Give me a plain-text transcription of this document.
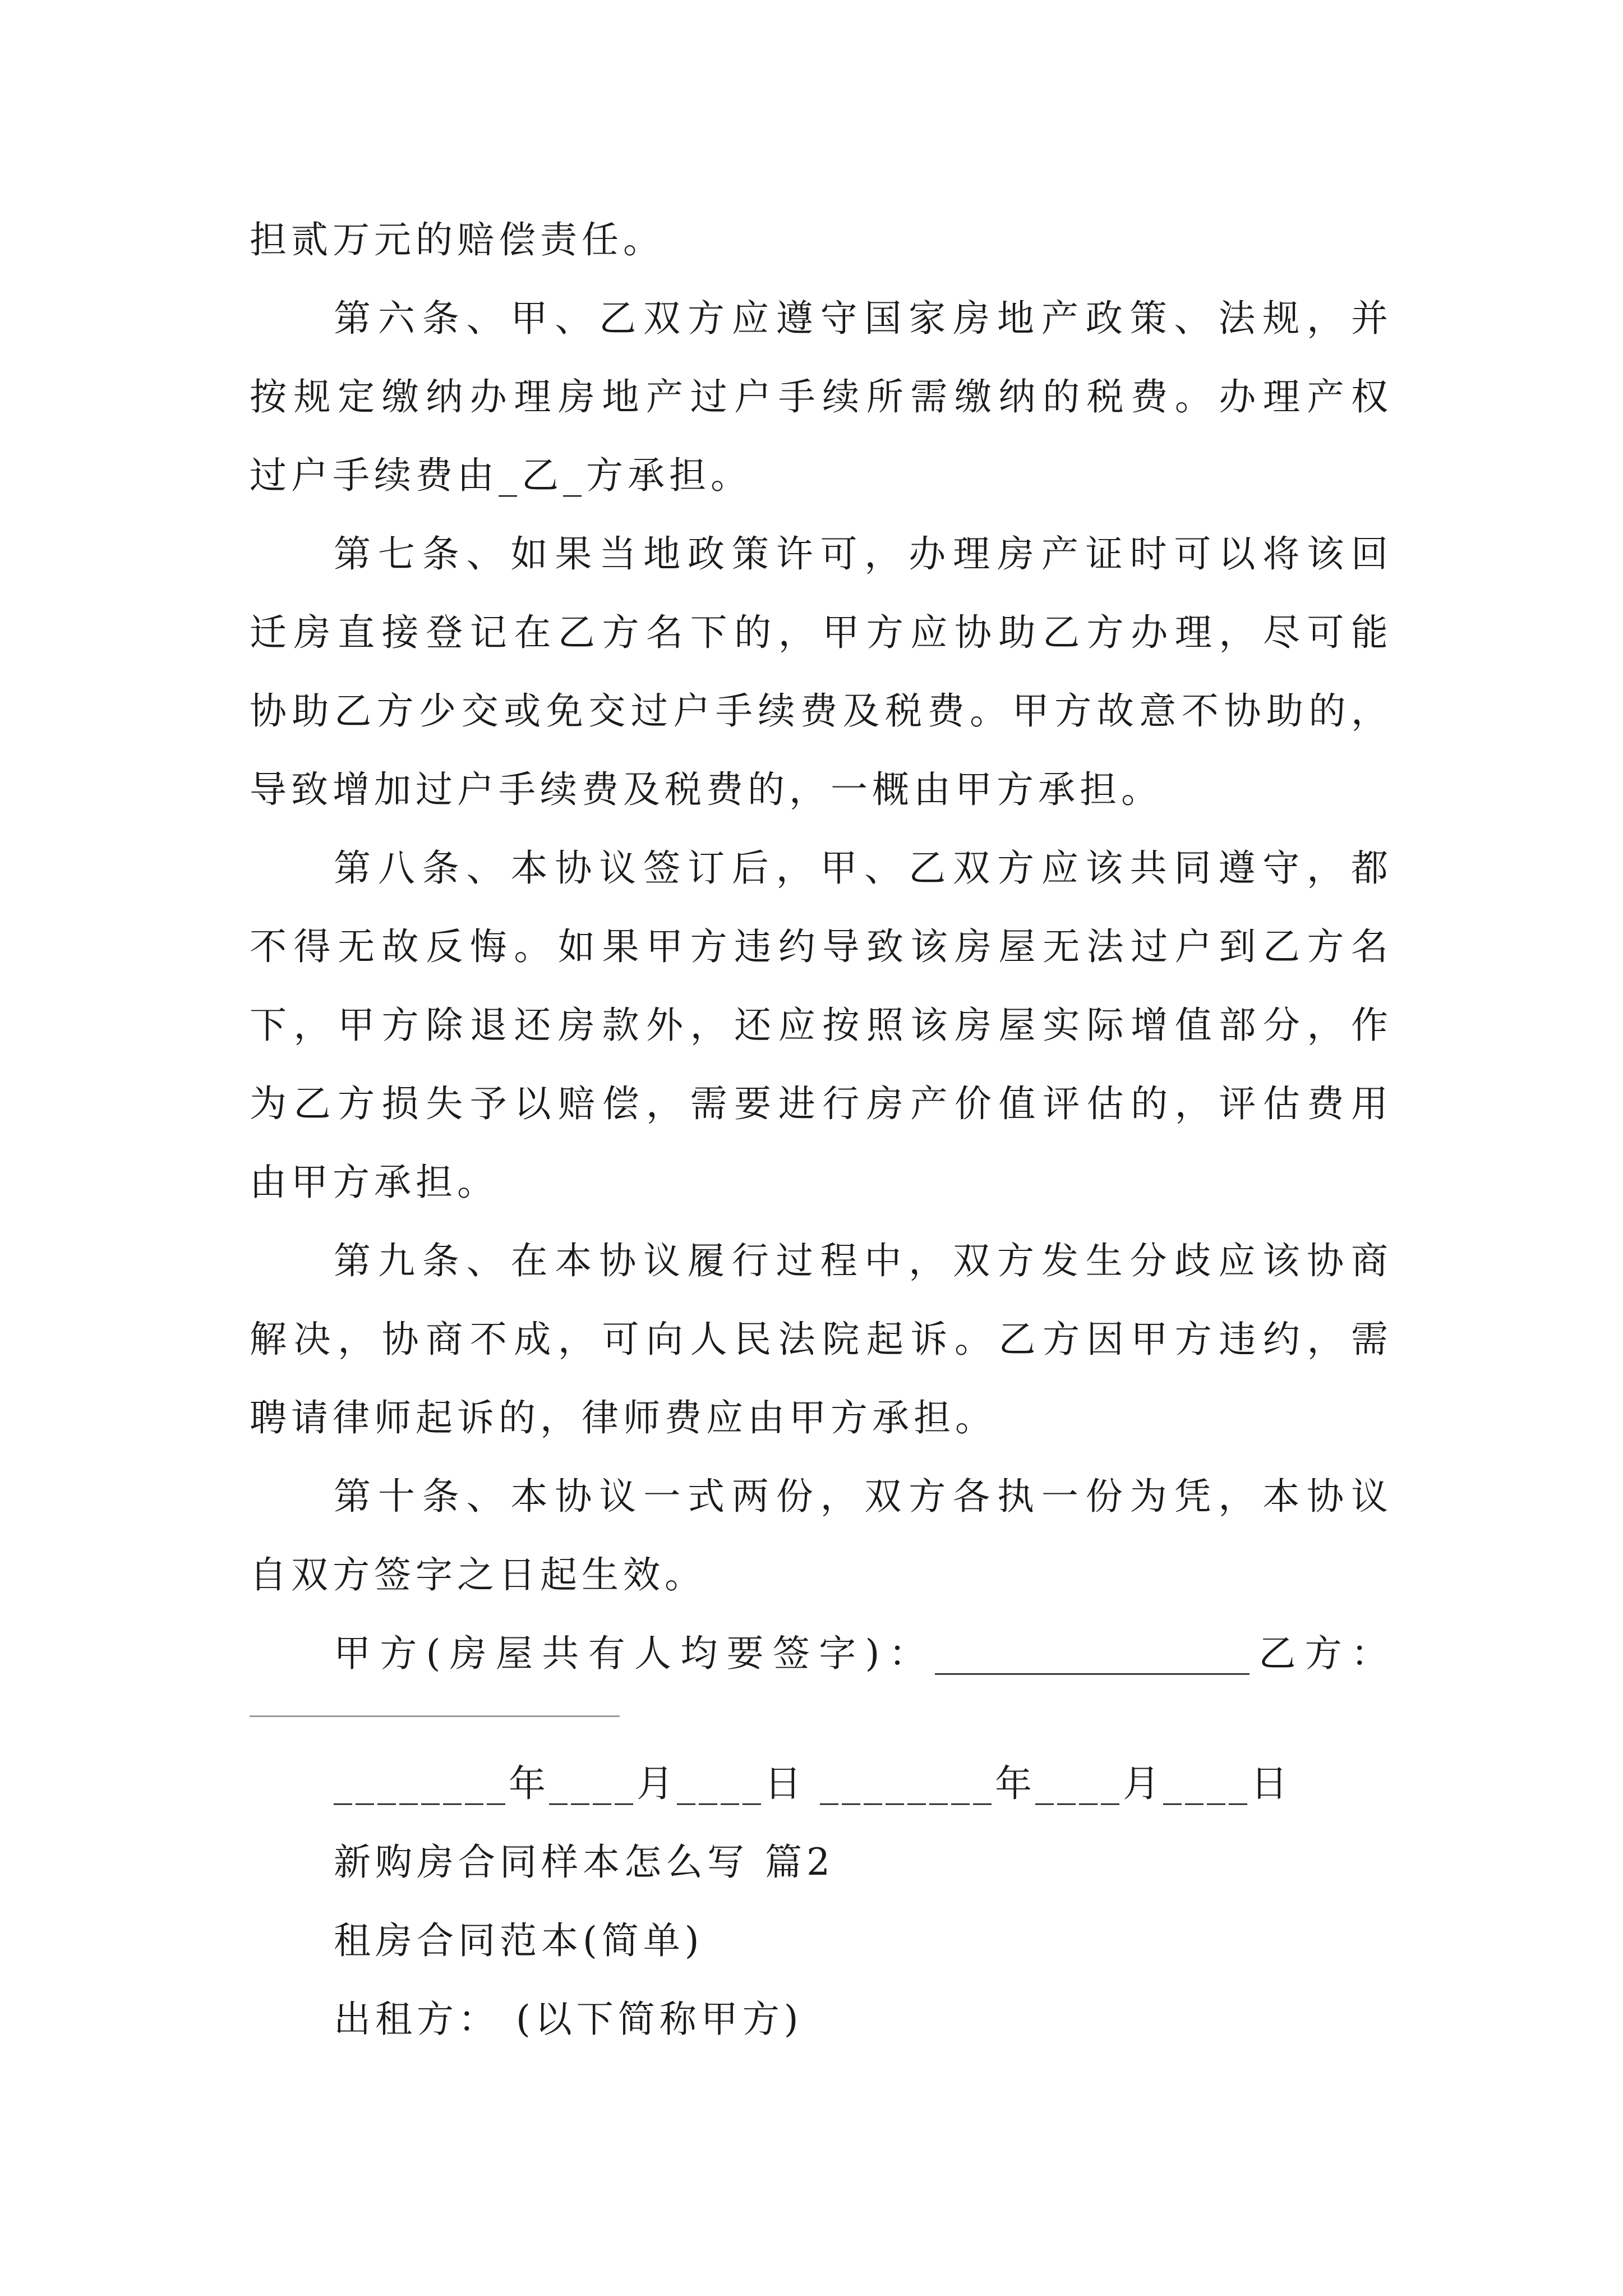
担贰万元的赔偿责任。
第六条、甲、乙双方应遵守国家房地产政策、法规，并
按规定缴纳办理房地产过户手续所需缴纳的税费。办理产权
过户手续费由_乙_方承担。
第七条、如果当地政策许可，办理房产证时可以将该回
迁房直接登记在乙方名下的，甲方应协助乙方办理，尽可能
协助乙方少交或免交过户手续费及税费。甲方故意不协助的，
导致增加过户手续费及税费的，一概由甲方承担。
第八条、本协议签订后，甲、乙双方应该共同遵守，都
不得无故反悔。如果甲方违约导致该房屋无法过户到乙方名
下，甲方除退还房款外，还应按照该房屋实际增值部分，作
为乙方损失予以赔偿，需要进行房产价值评估的，评估费用
由甲方承担。
第九条、在本协议履行过程中，双方发生分歧应该协商
解决，协商不成，可向人民法院起诉。乙方因甲方违约，需
聘请律师起诉的，律师费应由甲方承担。
第十条、本协议一式两份，双方各执一份为凭，本协议
自双方签字之日起生效。
甲方(房屋共有人均要签字)：_________________乙方：
________年____月____日 ________年____月____日
新购房合同样本怎么写 篇2
租房合同范本(简单)
出租方： (以下简称甲方)
